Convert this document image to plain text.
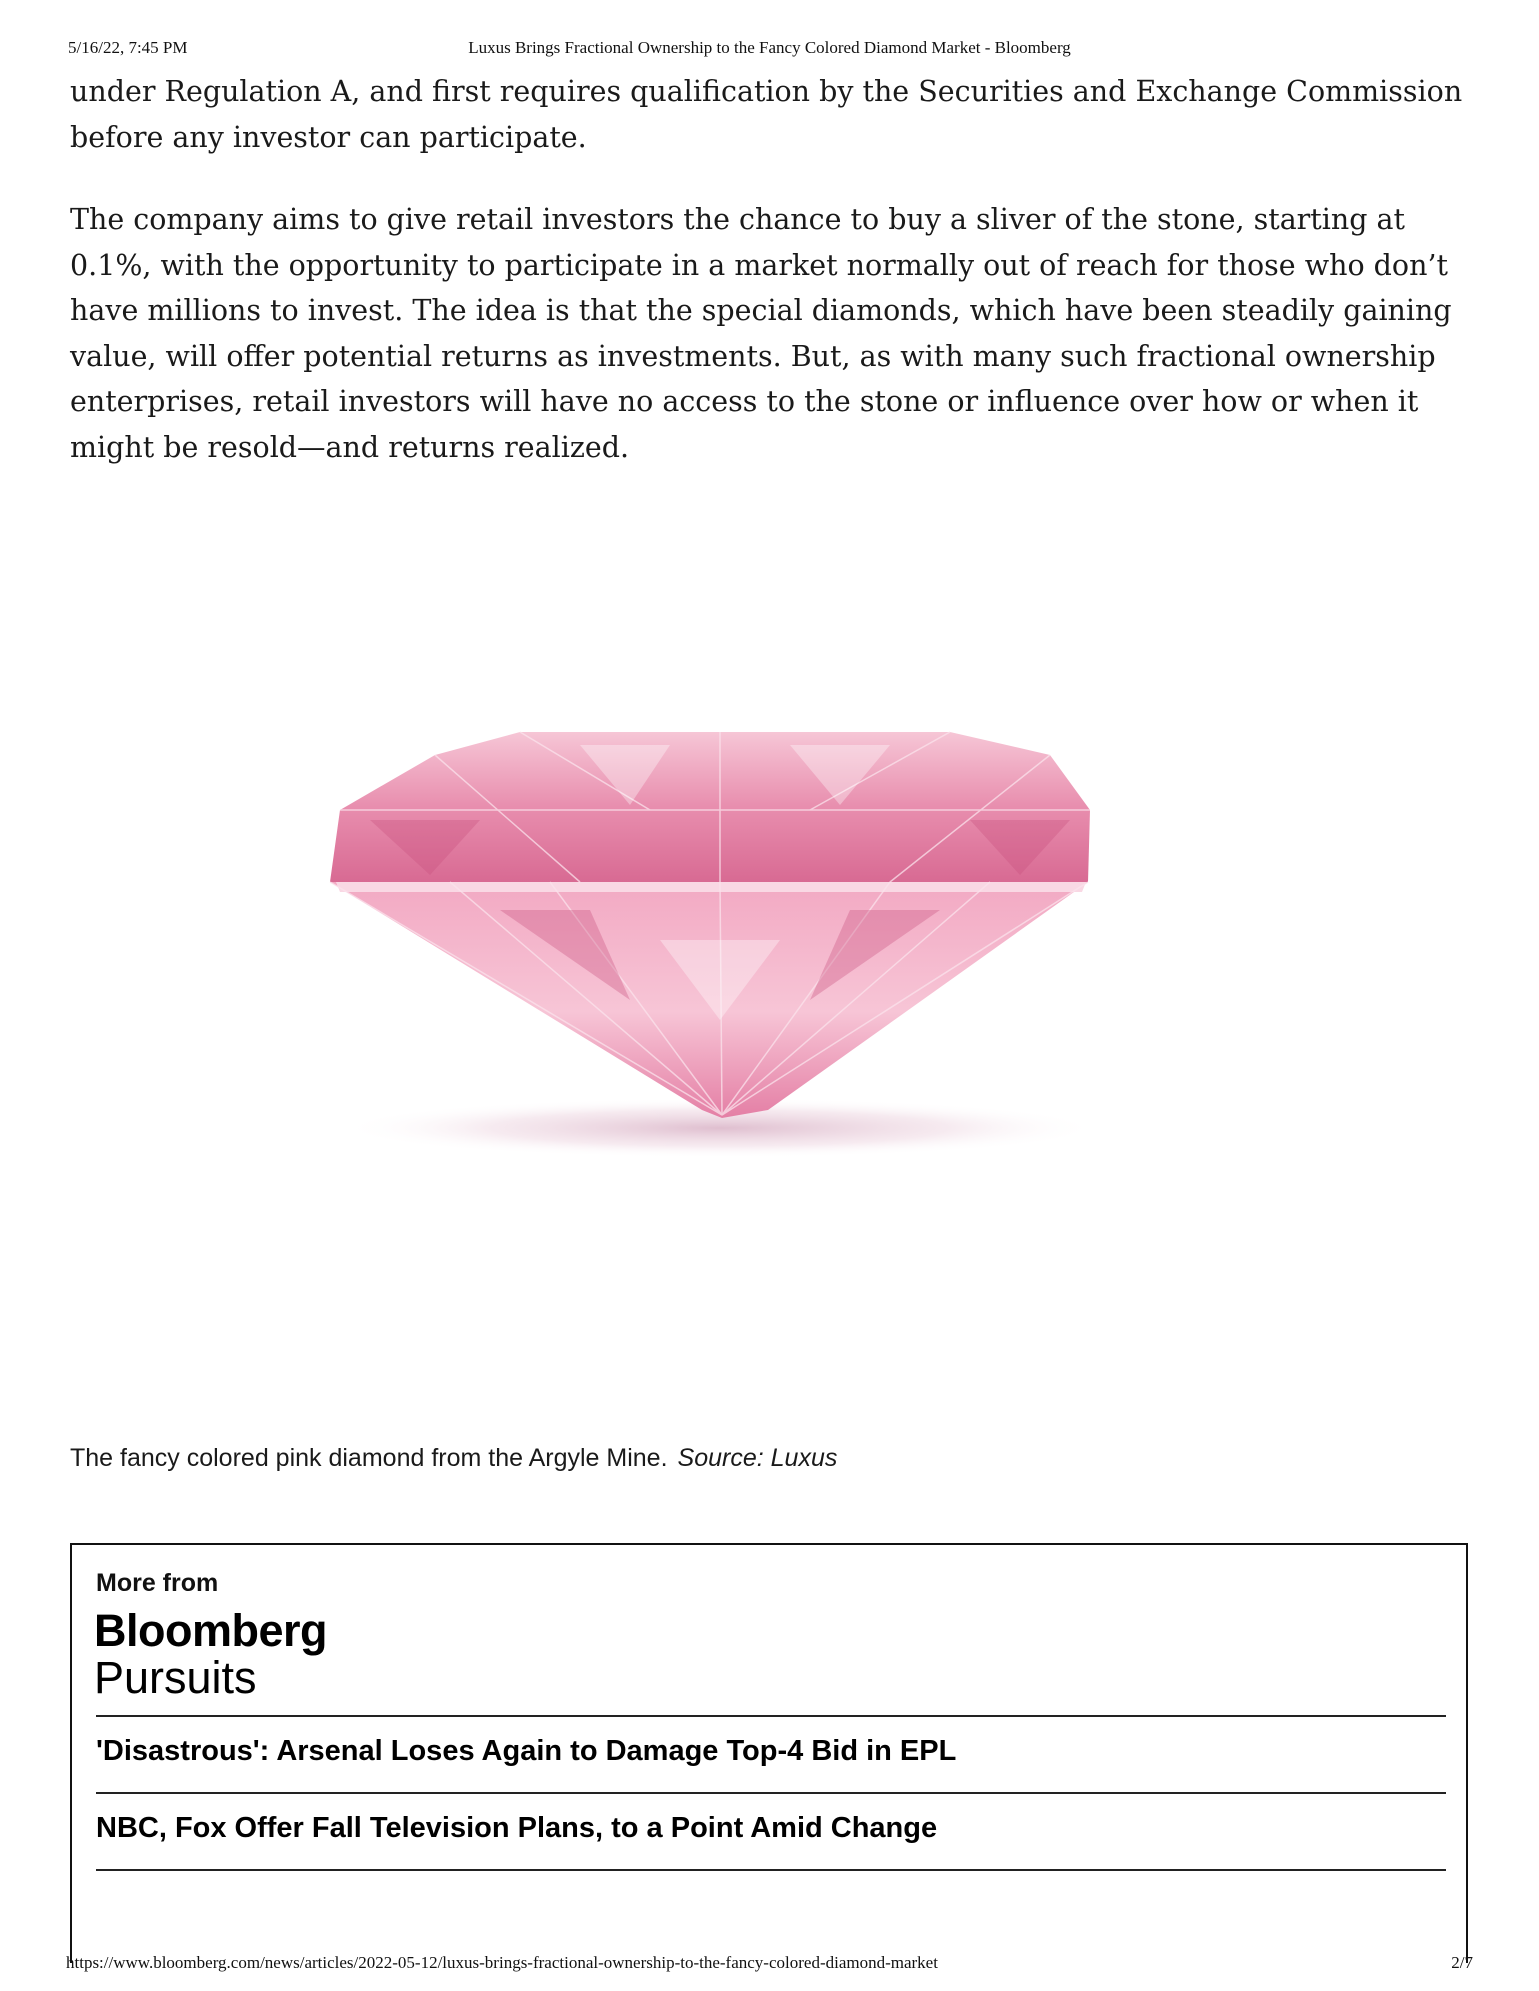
5/16/22, 7:45 PM	Luxus Brings Fractional Ownership to the Fancy Colored Diamond Market - Bloomberg

under Regulation A, and first requires qualification by the Securities and Exchange Commission before any investor can participate.

The company aims to give retail investors the chance to buy a sliver of the stone, starting at 0.1%, with the opportunity to participate in a market normally out of reach for those who don’t have millions to invest. The idea is that the special diamonds, which have been steadily gaining value, will offer potential returns as investments. But, as with many such fractional ownership enterprises, retail investors will have no access to the stone or influence over how or when it might be resold—and returns realized.

The fancy colored pink diamond from the Argyle Mine. Source: Luxus
More from
Bloomberg
Pursuits
'Disastrous': Arsenal Loses Again to Damage Top-4 Bid in EPL
NBC, Fox Offer Fall Television Plans, to a Point Amid Change
https://www.bloomberg.com/news/articles/2022-05-12/luxus-brings-fractional-ownership-to-the-fancy-colored-diamond-market	2/7
